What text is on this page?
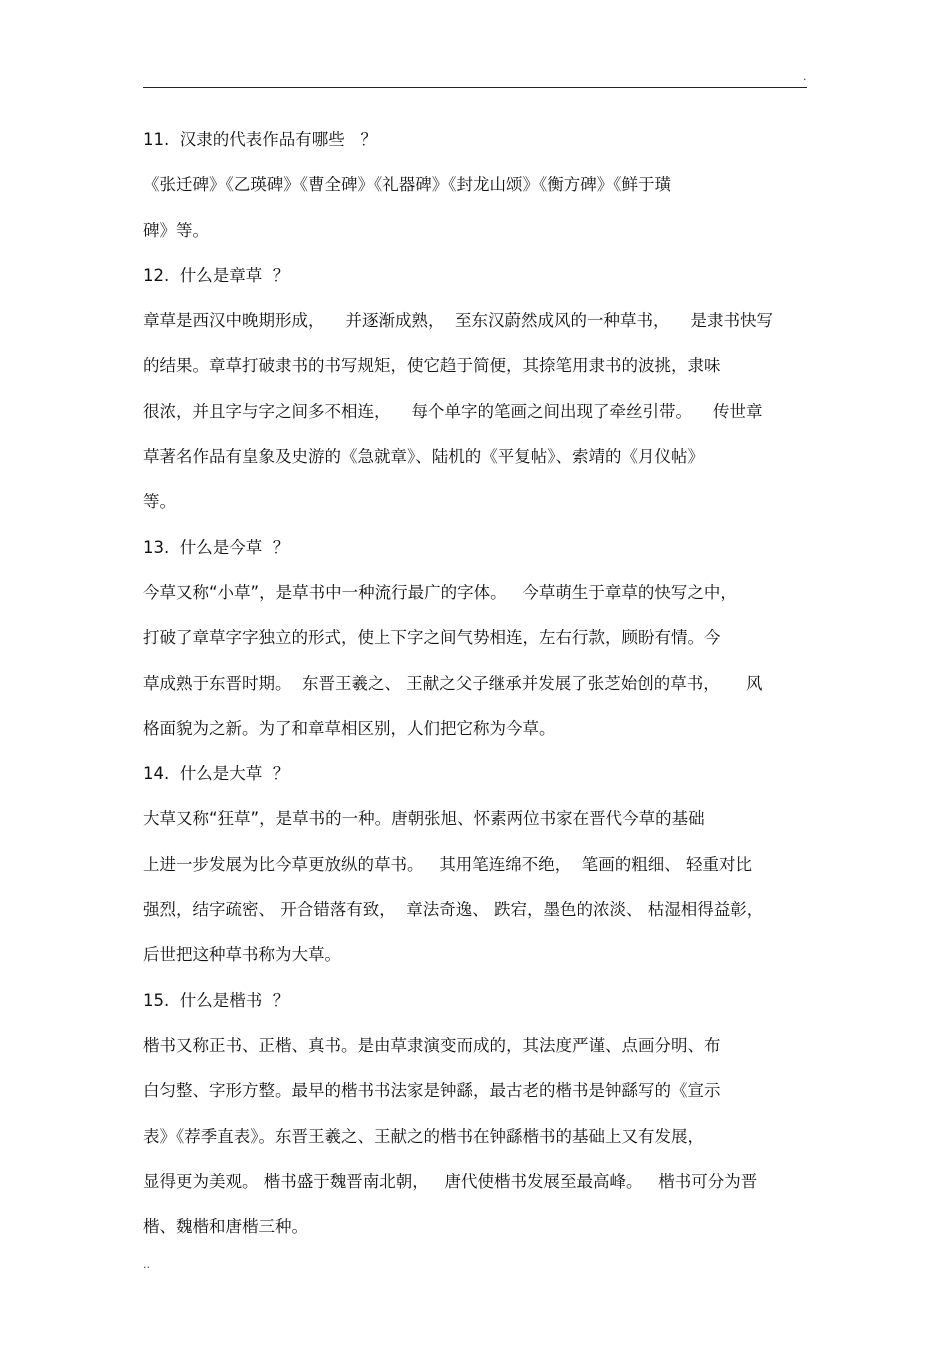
.
11.  汉隶的代表作品有哪些   ？
《张迁碑》《乙瑛碑》《曹全碑》《礼器碑》《封龙山颂》《衡方碑》《鲜于璜
碑》等。
12.  什么是章草  ？
章草是西汉中晚期形成，    并逐渐成熟，  至东汉蔚然成风的一种草书，    是隶书快写
的结果。章草打破隶书的书写规矩，使它趋于简便，其捺笔用隶书的波挑，隶味
很浓，并且字与字之间多不相连，    每个单字的笔画之间出现了牵丝引带。    传世章
草著名作品有皇象及史游的《急就章》、陆机的《平复帖》、索靖的《月仪帖》
等。
13.  什么是今草  ？
今草又称“小草”，是草书中一种流行最广的字体。   今草萌生于章草的快写之中，
打破了章草字字独立的形式，使上下字之间气势相连，左右行款，顾盼有情。今
草成熟于东晋时期。  东晋王羲之、 王献之父子继承并发展了张芝始创的草书，     风
格面貌为之新。为了和章草相区别，人们把它称为今草。
14.  什么是大草  ？
大草又称“狂草”，是草书的一种。唐朝张旭、怀素两位书家在晋代今草的基础
上进一步发展为比今草更放纵的草书。   其用笔连绵不绝，  笔画的粗细、 轻重对比
强烈，结字疏密、 开合错落有致，  章法奇逸、 跌宕，墨色的浓淡、 枯湿相得益彰，
后世把这种草书称为大草。
15.  什么是楷书  ？
楷书又称正书、正楷、真书。是由草隶演变而成的，其法度严谨、点画分明、布
白匀整、字形方整。最早的楷书书法家是钟繇，最古老的楷书是钟繇写的《宣示
表》《荐季直表》。东晋王羲之、王献之的楷书在钟繇楷书的基础上又有发展，
显得更为美观。 楷书盛于魏晋南北朝，   唐代使楷书发展至最高峰。   楷书可分为晋
楷、魏楷和唐楷三种。
..
